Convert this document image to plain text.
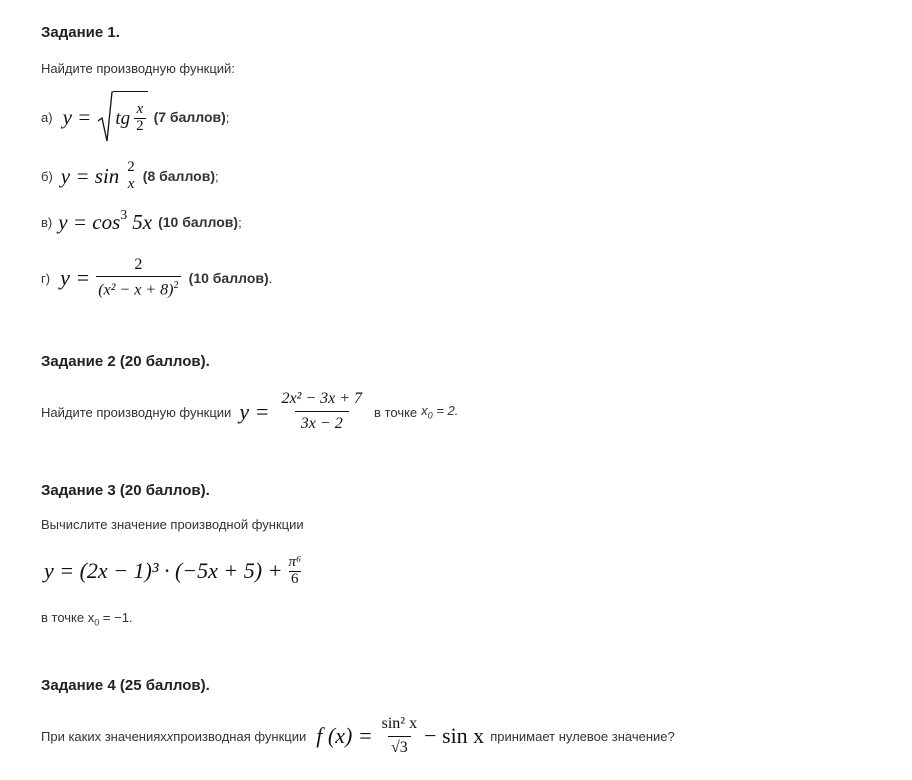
Задание 1.
Найдите производную функций:
а) y = tg $\frac{x}{2} (7$ баллов) ;
б) y = sin 2
x (8 баллов) ;
в) y = cos 3 5x (10 баллов) ;
г) $y = \frac{2}{(x^2 - x + 8)^2} (10$ баллов) .
Задание 2 (20 баллов).
Найдите производную функции $y = \frac{\text{2x² − 3x + 7}}{3x - 2}$ в точке $x_0 = 2$.
Задание 3 (20 баллов).
Вычислите значение производной функции
$y = (2x - 1)^3 \cdot (-5x + 5) + \frac{\text{π⁶}}{6}$
в точке $x_0 = -1$.
Задание 4 (25 баллов).
При каких значениях x производная функции f $(x) = \frac{\text{sin² x}}{√3} - \sin x$ принимает нулевое значение?
